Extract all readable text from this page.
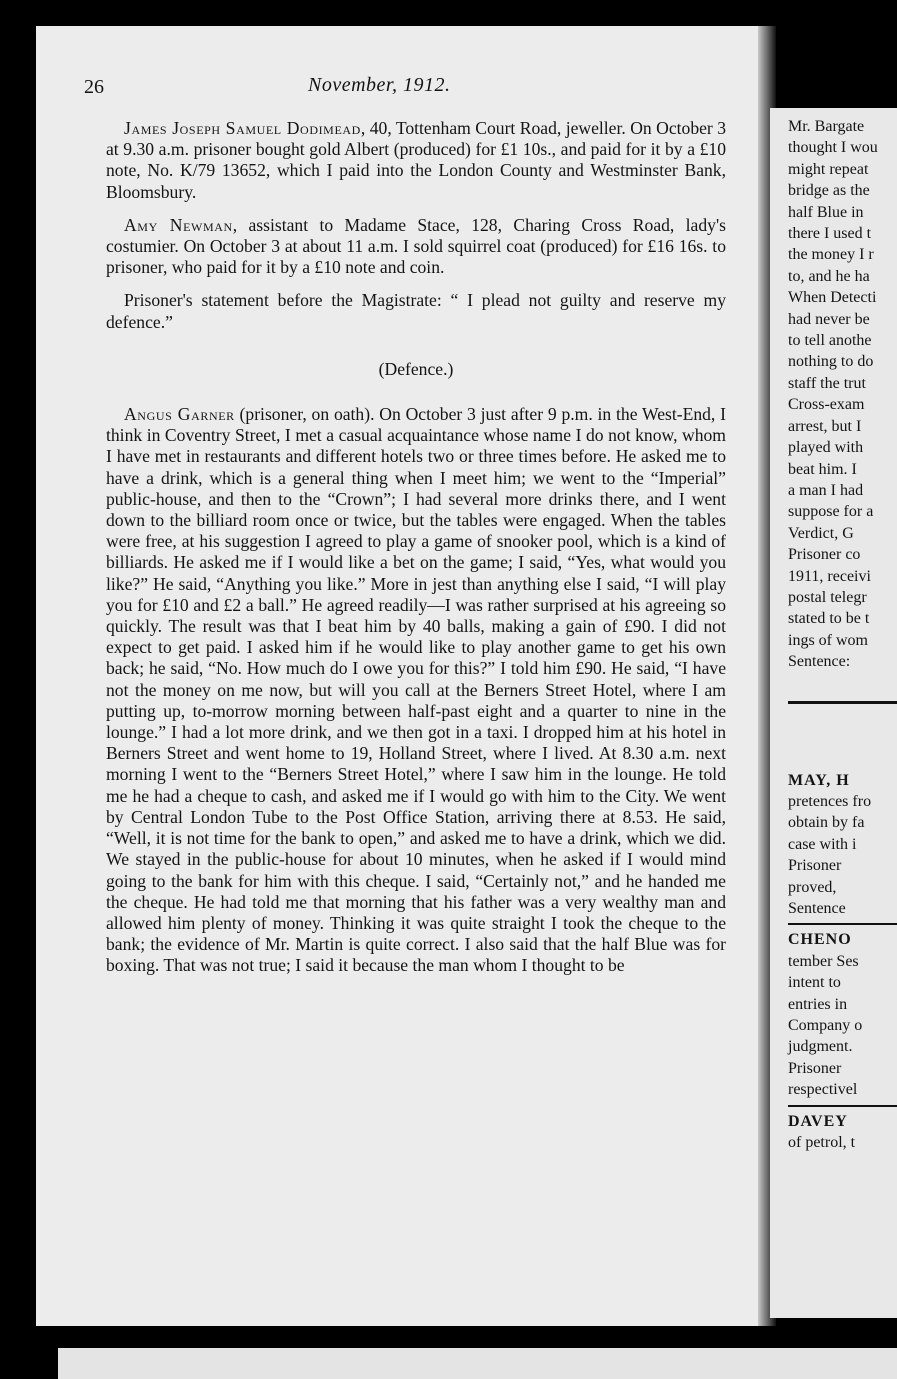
26	November, 1912.

James Joseph Samuel Dodimead, 40, Tottenham Court Road, jeweller. On October 3 at 9.30 a.m. prisoner bought gold Albert (produced) for £1 10s., and paid for it by a £10 note, No. K/79 13652, which I paid into the London County and Westminster Bank, Bloomsbury.

Amy Newman, assistant to Madame Stace, 128, Charing Cross Road, lady's costumier. On October 3 at about 11 a.m. I sold squirrel coat (produced) for £16 16s. to prisoner, who paid for it by a £10 note and coin.

Prisoner's statement before the Magistrate: “ I plead not guilty and reserve my defence.”

(Defence.)

Angus Garner (prisoner, on oath). On October 3 just after 9 p.m. in the West-End, I think in Coventry Street, I met a casual acquaintance whose name I do not know, whom I have met in restaurants and different hotels two or three times before. He asked me to have a drink, which is a general thing when I meet him; we went to the “Imperial” public-house, and then to the “Crown”; I had several more drinks there, and I went down to the billiard room once or twice, but the tables were engaged. When the tables were free, at his suggestion I agreed to play a game of snooker pool, which is a kind of billiards. He asked me if I would like a bet on the game; I said, “Yes, what would you like?” He said, “Anything you like.” More in jest than anything else I said, “I will play you for £10 and £2 a ball.” He agreed readily—I was rather surprised at his agreeing so quickly. The result was that I beat him by 40 balls, making a gain of £90. I did not expect to get paid. I asked him if he would like to play another game to get his own back; he said, “No. How much do I owe you for this?” I told him £90. He said, “I have not the money on me now, but will you call at the Berners Street Hotel, where I am putting up, to-morrow morning between half-past eight and a quarter to nine in the lounge.” I had a lot more drink, and we then got in a taxi. I dropped him at his hotel in Berners Street and went home to 19, Holland Street, where I lived. At 8.30 a.m. next morning I went to the “Berners Street Hotel,” where I saw him in the lounge. He told me he had a cheque to cash, and asked me if I would go with him to the City. We went by Central London Tube to the Post Office Station, arriving there at 8.53. He said, “Well, it is not time for the bank to open,” and asked me to have a drink, which we did. We stayed in the public-house for about 10 minutes, when he asked if I would mind going to the bank for him with this cheque. I said, “Certainly not,” and he handed me the cheque. He had told me that morning that his father was a very wealthy man and allowed him plenty of money. Thinking it was quite straight I took the cheque to the bank; the evidence of Mr. Martin is quite correct. I also said that the half Blue was for boxing. That was not true; I said it because the man whom I thought to be

Mr. Bargate
thought I wou
might repeat
bridge as the
half Blue in
there I used t
the money I r
to, and he ha
When Detecti
had never be
to tell anothe
nothing to do
staff the trut
Cross-exam
arrest, but I
played with
beat him. I
a man I had
suppose for a
Verdict, G
Prisoner co
1911, receivi
postal telegr
stated to be t
ings of wom
Sentence:
MAY, H
pretences fro
obtain by fa
case with i
Prisoner
proved,
Sentence
CHENO
tember Ses
intent to
entries in
Company o
judgment.
Prisoner
respectivel
DAVEY
of petrol, t
